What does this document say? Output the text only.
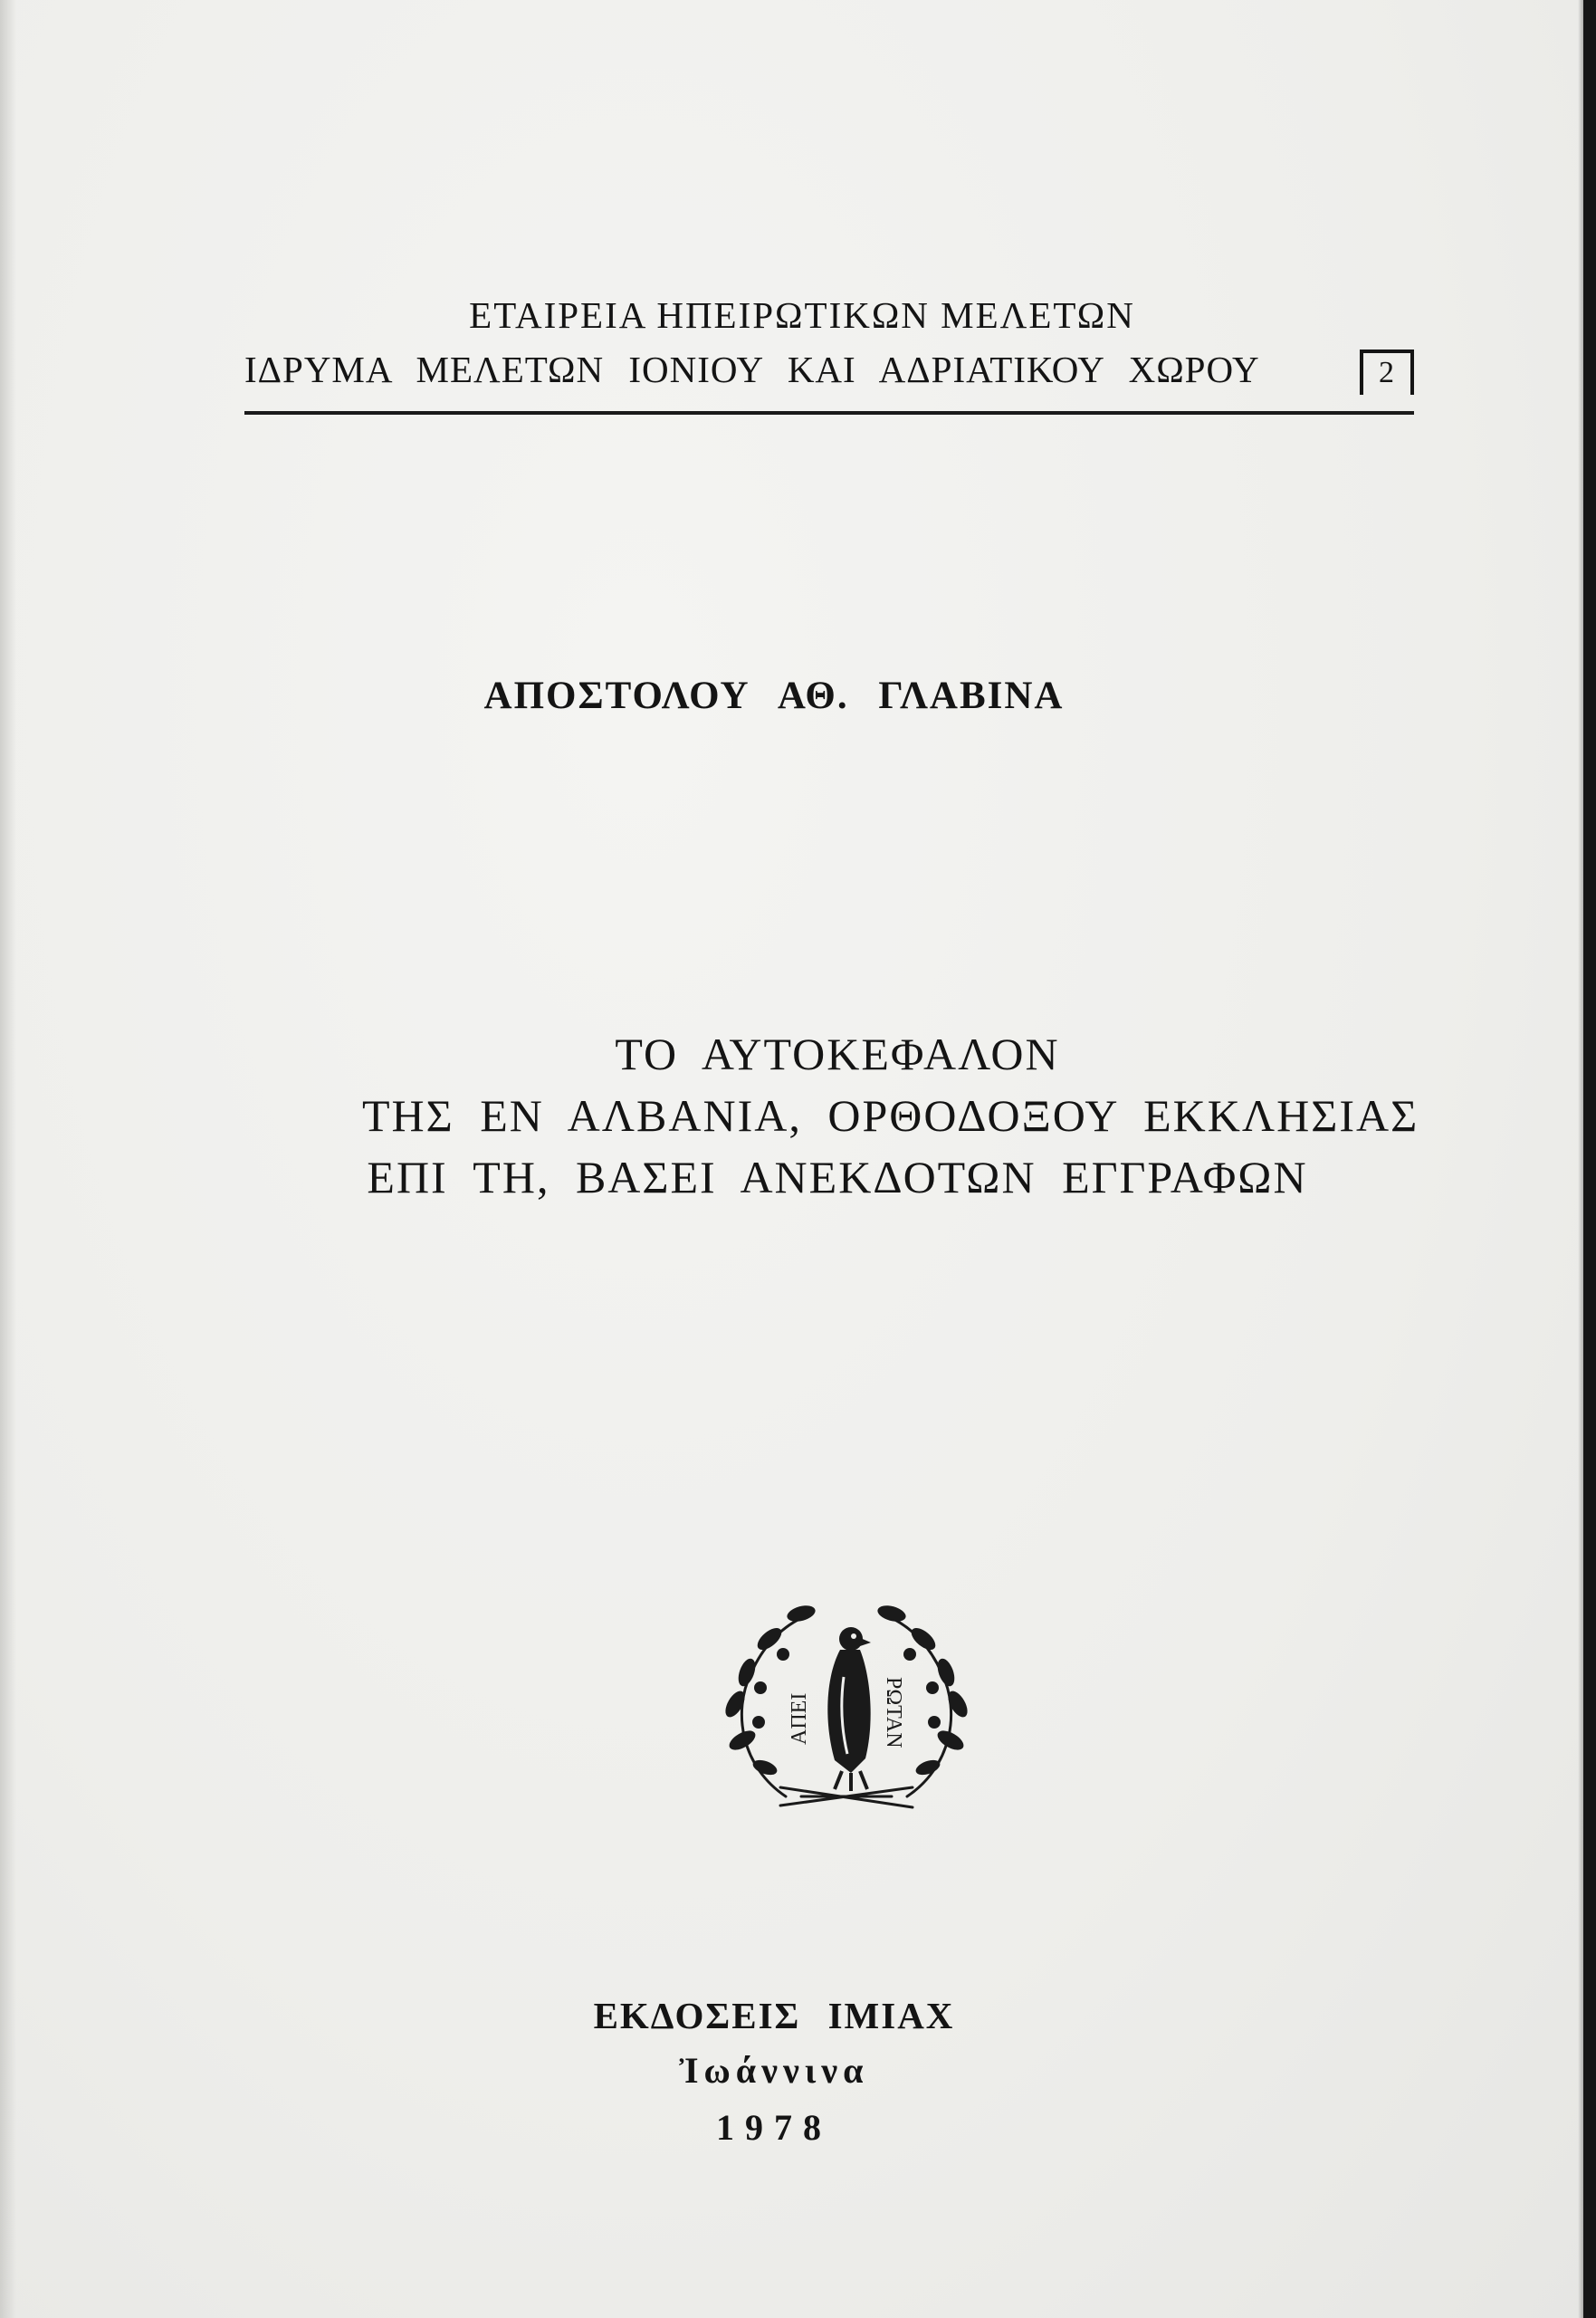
ΕΤΑΙΡΕΙΑ ΗΠΕΙΡΩΤΙΚΩΝ ΜΕΛΕΤΩΝ
ΙΔΡΥΜΑ ΜΕΛΕΤΩΝ ΙΟΝΙΟΥ ΚΑΙ ΑΔΡΙΑΤΙΚΟΥ ΧΩΡΟΥ	2
ΑΠΟΣΤΟΛΟΥ ΑΘ. ΓΛΑΒΙΝΑ
ΤΟ ΑΥΤΟΚΕΦΑΛΟΝ
ΤΗΣ ΕΝ ΑΛΒΑΝΙΑ, ΟΡΘΟΔΟΞΟΥ ΕΚΚΛΗΣΙΑΣ
ΕΠΙ ΤΗ, ΒΑΣΕΙ ΑΝΕΚΔΟΤΩΝ ΕΓΓΡΑΦΩΝ
ΑΠΕΙ	ΡΩΤΑΝ
ΕΚΔΟΣΕΙΣ ΙΜΙΑΧ
Ἰωάννινα
1978
